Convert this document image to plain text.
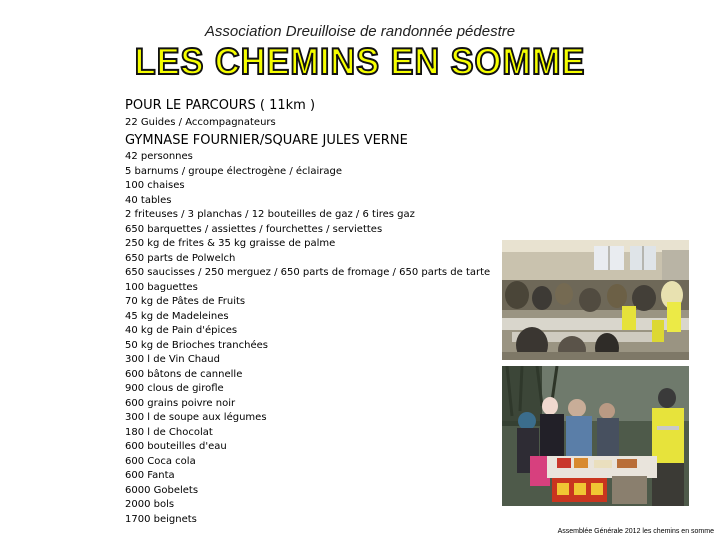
Association Dreuilloise de randonnée pédestre
LES CHEMINS EN SOMME
POUR LE PARCOURS ( 11km )
22 Guides / Accompagnateurs
GYMNASE FOURNIER/SQUARE JULES VERNE
42 personnes
5 barnums / groupe électrogène / éclairage
100 chaises
40 tables
2 friteuses / 3 planchas / 12 bouteilles de gaz / 6 tires gaz
650 barquettes / assiettes / fourchettes / serviettes
250 kg de frites & 35 kg graisse de palme
650 parts de Polwelch
650 saucisses / 250 merguez / 650 parts de fromage / 650 parts de tarte
100 baguettes
70 kg de Pâtes de Fruits
45 kg de Madeleines
40 kg de Pain d'épices
50 kg de Brioches tranchées
300 l de Vin Chaud
600 bâtons de cannelle
900 clous de girofle
600 grains poivre noir
300 l de soupe aux légumes
180 l de Chocolat
600 bouteilles d'eau
600 Coca cola
600 Fanta
6000 Gobelets
2000 bols
1700 beignets
Assemblée Générale 2012 les chemins en somme
